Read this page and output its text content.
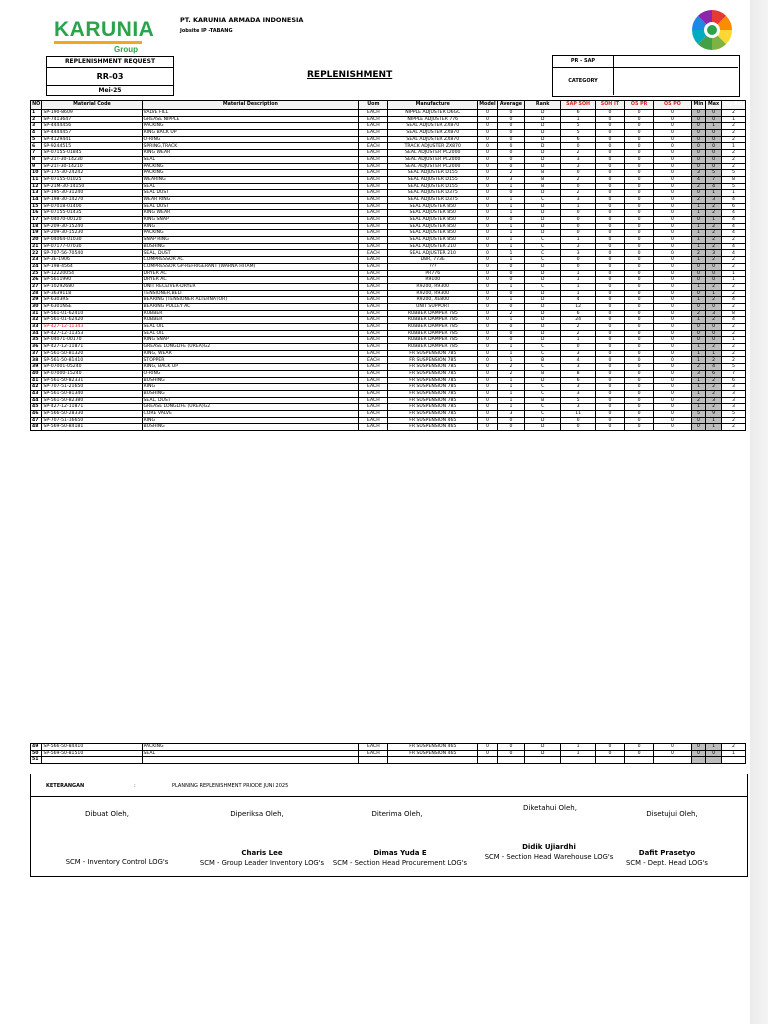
KARUNIA
Group
PT. KARUNIA ARMADA INDONESIA
Jobsite IP -TABANG
REPLENISHMENT REQUEST
RR-03
Mei-25
REPLENISHMENT
PR - SAP
CATEGORY
NO	Material Code	Material Description	Uom	Manufacture	Model	Average	Rank	SAP SOH	SOH IT	OS PR	OS PO	Min	Max	Qty Req
1	SP-190-8609	VALVE FILL	EACH	NIPPLE ADJUSTER D6GC	0	0	D	6	0	0	0	0	0	2
2	SP-7413647	GREASE NIPPLE	EACH	NIPPLE ADJUSTER 776	0	0	D	1	0	0	0	0	0	1
3	SP-4444456	PACKING	EACH	SEAL ADJUSTER ZX870	0	0	D	5	0	0	0	0	1	2
4	SP-4444457	RING BACK UP	EACH	SEAL ADJUSTER ZX870	0	0	D	5	0	0	0	0	0	2
5	SP-4129441	O-RING	EACH	SEAL ADJUSTER ZX870	0	0	D	6	0	0	0	0	0	2
6	SP-9244515	SPRING,TRACK	EACH	TRACK ADJUSTER ZX870	0	0	D	0	0	0	0	0	0	1
7	SP-07155-01845	RING WEAR	EACH	SEAL ADJUSTER PC2000	0	0	D	2	0	0	0	0	0	2
8	SP-21T-30-14230	SEAL	EACH	SEAL ADJUSTER PC2000	0	0	D	3	0	0	0	0	0	2
9	SP-21T-30-14210	PACKING	EACH	SEAL ADJUSTER PC2000	0	0	D	3	0	0	0	0	0	2
10	SP-175-30-24242	PACKING	EACH	SEAL ADJUSTER D155	0	2	B	0	0	0	0	3	5	5
11	SP-07155-01025	WEARING	EACH	SEAL ADJUSTER D155	0	3	B	2	0	0	0	4	7	8
12	SP-21M-30-14150	SEAL	EACH	SEAL ADJUSTER D155	0	1	B	0	0	0	0	2	4	5
13	SP-195-30-31240	SEAL DUST	EACH	SEAL ADJUSTER D375	0	0	D	2	0	0	0	0	1	1
14	SP-198-30-14270	WEAR RING	EACH	SEAL ADJUSTER D375	0	1	C	3	0	0	0	2	3	4
15	SP-07018-01400	SEAL DUST	EACH	SEAL ADJUSTER 850	0	1	D	1	0	0	0	1	2	6
16	SP-07155-01435	RING WEAR	EACH	SEAL ADJUSTER 850	0	1	D	0	0	0	0	1	2	4
17	SP-04070-00120	RING SNAP	EACH	SEAL ADJUSTER 850	0	0	D	0	0	0	0	0	1	4
18	SP-209-30-15240	RING	EACH	SEAL ADJUSTER 850	0	1	D	0	0	0	0	1	2	4
19	SP-209-30-15230	PACKING	EACH	SEAL ADJUSTER 850	0	1	D	0	0	0	0	1	2	4
20	SP-04064-01030	SNAP RING	EACH	SEAL ADJUSTER 850	0	1	C	1	0	0	0	1	2	2
21	SP-07177-07030	BUSHING	EACH	SEAL ADJUSTER 210	0	1	C	3	0	0	0	1	2	4
22	SP-707-56-70540	SEAL, DUST	EACH	SEAL ADJUSTER 210	0	1	C	3	0	0	0	2	3	4
23	SP-3E-1906	COMPRESSOR AC	EACH	D8R, 773E	0	1	C	0	0	0	0	1	2	2
24	SP-198-4564	COMPRESSOR GP-REFRIGERANT (WARNA HITAM)	EACH	???	0	0	D	0	0	0	0	0	0	2
25	SP-12220054	DRYER AC	EACH	PR776	0	0	D	1	0	0	0	0	0	1
26	SP-5611990	DRYER AC	EACH	R9100	0	0	D	1	0	0	0	0	0	1
27	SP-10292680	UNIT RECEIVER-DRYER	EACH	R9200, R9300	0	1	C	1	0	0	0	1	2	2
28	SP-3639118	TENSIONER,BELT	EACH	R9200, R9300	0	0	D	1	0	0	0	0	1	2
29	SP-6303RS	BEARING (TENSIONER ALTERNATOR)	EACH	R9200, XE800	0	1	D	4	0	0	0	1	2	4
30	SP-6301NSE	BEARING PULLEY AC	EACH	UNIT SUPPORT	0	0	D	12	0	0	0	0	0	2
31	SP-561-01-62410	RUBBER	EACH	RUBBER DAMPER 785	0	2	D	6	0	0	0	2	3	8
32	SP-561-01-62420	RUBBER	EACH	RUBBER DAMPER 785	0	1	D	24	0	0	0	1	2	4
33	SP-427-12-11343	SEAL OIL	EACH	RUBBER DAMPER 785	0	0	D	2	0	0	0	0	0	2
34	SP-427-12-11353	SEAL OIL	EACH	RUBBER DAMPER 785	0	0	D	2	0	0	0	0	0	2
35	SP-04071-00170	RING SNAP	EACH	RUBBER DAMPER 785	0	0	D	1	0	0	0	0	0	1
36	SP-427-12-11871	GREASE LONGLIFE (UREA)G2	EACH	RUBBER DAMPER 785	0	1	C	0	0	0	0	1	2	2
37	SP-561-50-81320	RING, WEAR	EACH	FR SUSPENSION 785	0	1	C	3	0	0	0	1	1	2
38	SP-561-50-81410	STOPPER	EACH	FR SUSPENSION 785	0	1	B	4	0	0	0	1	2	2
39	SP-07001-05240	RING, BACK UP	EACH	FR SUSPENSION 785	0	2	C	3	0	0	0	2	4	5
40	SP-07000-15240	O-RING	EACH	FR SUSPENSION 785	0	2	B	8	0	0	0	3	6	7
41	SP-561-50-82331	BUSHING	EACH	FR SUSPENSION 785	0	1	D	6	0	0	0	1	2	6
42	SP-707-51-21650	RING	EACH	FR SUSPENSION 785	0	1	C	3	0	0	0	1	2	3
43	SP-561-50-81340	BUSHING	EACH	FR SUSPENSION 785	0	1	C	3	0	0	0	1	2	3
44	SP-561-50-82380	SEAL, DUST	EACH	FR SUSPENSION 785	0	1	B	5	0	0	0	2	3	3
45	SP-427-12-11871	GREASE LONGLIFE (UREA)G2	EACH	FR SUSPENSION 785	0	1	C	3	0	0	0	1	2	3
46	SP-566-50-28330	CORE VALVE	EACH	FR SUSPENSION 785	0	3	C	11	0	0	0	5	9	5
47	SP-707-51-16650	RING	EACH	FR SUSPENSION 465	0	0	D	0	0	0	0	0	1	2
48	SP-569-50-84181	BUSHING	EACH	FR SUSPENSION 465	0	0	D	0	0	0	0	0	1	2
49	SP-566-50-84410	PACKING	EACH	FR SUSPENSION 465	0	0	D	1	0	0	0	0	1	2
50	SP-569-50-81510	SEAL	EACH	FR SUSPENSION 465	0	0	D	1	0	0	0	0	0	1
51														
KETERANGAN	:	PLANNING REPLENISHMENT PRIODE JUNI 2025
Dibuat Oleh,
SCM - Inventory Control LOG's
Diperiksa Oleh,
Charis Lee
SCM - Group Leader Inventory LOG's
Diterima Oleh,
Dimas Yuda E
SCM - Section Head Procurement LOG's
Diketahui Oleh,
Didik Ujiardhi
SCM - Section Head Warehouse LOG's
Disetujui Oleh,
Dafit Prasetyo
SCM - Dept. Head LOG's
